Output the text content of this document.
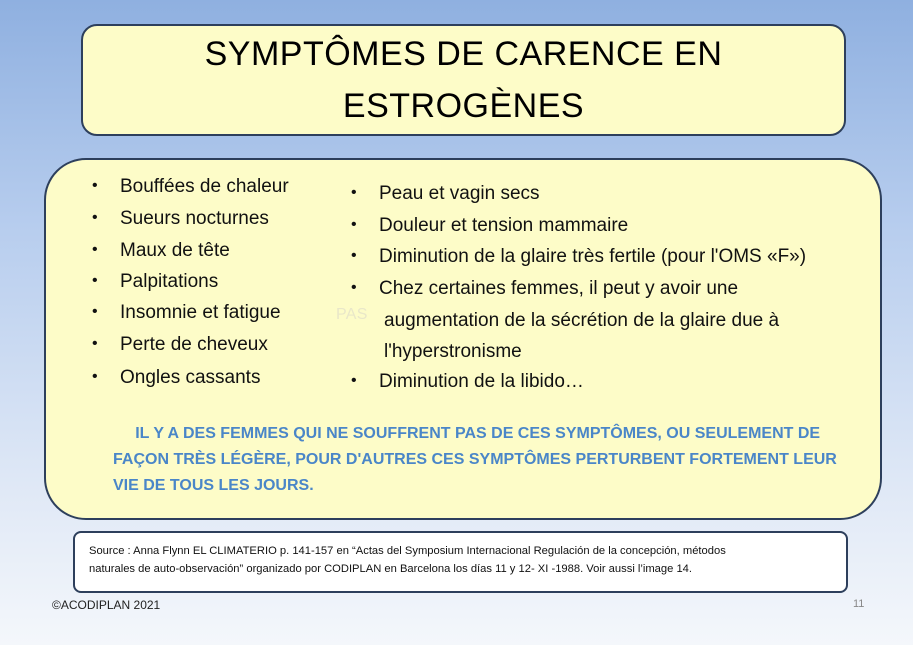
SYMPTÔMES DE CARENCE EN
ESTROGÈNES
PAS
• Bouffées de chaleur
• Sueurs nocturnes
• Maux de tête
• Palpitations
• Insomnie et fatigue
• Perte de cheveux
• Ongles cassants
• Peau et vagin secs
• Douleur et tension mammaire
• Diminution de la glaire très fertile (pour l'OMS «F»)
• Chez certaines femmes, il peut y avoir une
• Diminution de la libido…
augmentation de la sécrétion de la glaire due à
l'hyperstronisme
IL Y A DES FEMMES QUI NE SOUFFRENT PAS DE CES SYMPTÔMES, OU SEULEMENT DE FAÇON TRÈS LÉGÈRE, POUR D'AUTRES CES SYMPTÔMES PERTURBENT FORTEMENT LEUR VIE DE TOUS LES JOURS.
Source : Anna Flynn EL CLIMATERIO p. 141-157 en “Actas del Symposium Internacional Regulación de la concepción, métodos
naturales de auto-observación” organizado por CODIPLAN en Barcelona los días 11 y 12- XI -1988. Voir aussi l’image 14.
©ACODIPLAN 2021	11
